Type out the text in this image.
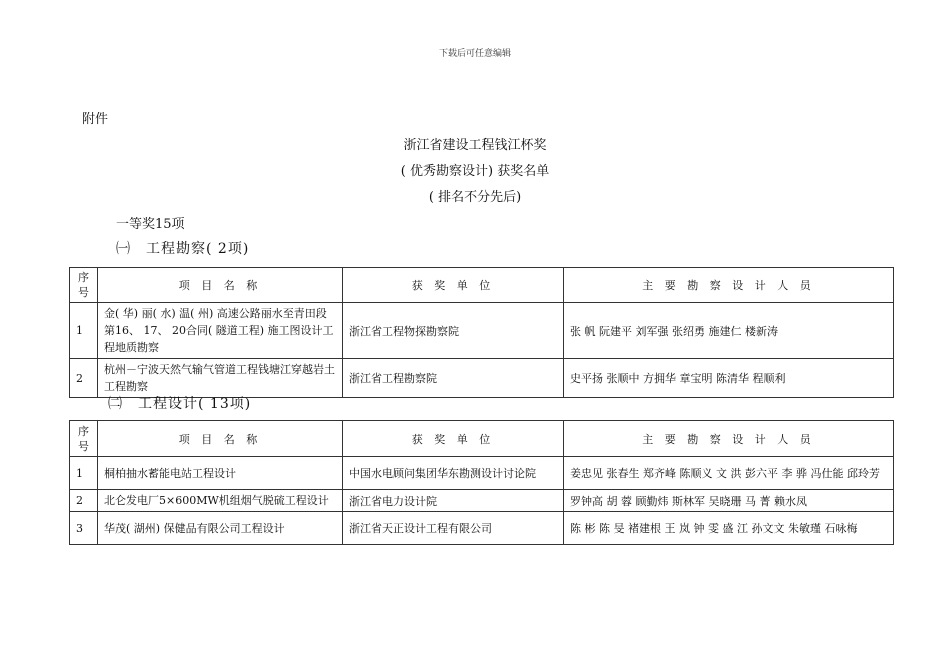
下载后可任意编辑
附件
浙江省建设工程钱江杯奖
( 优秀勘察设计) 获奖名单
( 排名不分先后)
一等奖15项
㈠　工程勘察( 2项)
序号	项 目 名 称	获 奖 单 位	主 要 勘 察 设 计 人 员
1	金( 华) 丽( 水) 温( 州) 高速公路丽水至青田段第16、 17、 20合同( 隧道工程) 施工图设计工程地质勘察	浙江省工程物探勘察院	张 帆 阮建平 刘军强 张绍勇 施建仁 楼新涛
2	杭州－宁波天然气输气管道工程钱塘江穿越岩土工程勘察	浙江省工程勘察院	史平扬 张顺中 方拥华 章宝明 陈清华 程顺利
㈡　工程设计( 13项)
序号	项 目 名 称	获 奖 单 位	主 要 勘 察 设 计 人 员
1	桐柏抽水蓄能电站工程设计	中国水电顾问集团华东勘测设计讨论院	姜忠见 张春生 郑齐峰 陈顺义 文 洪 彭六平 李 骅 冯仕能 邱玲芳
2	北仑发电厂5×600MW机组烟气脱硫工程设计	浙江省电力设计院	罗钟高 胡 蓉 顾勤炜 斯林军 吴晓珊 马 菁 赖水凤
3	华茂( 湖州) 保健品有限公司工程设计	浙江省天正设计工程有限公司	陈 彬 陈 旻 褚建根 王 岚 钟 雯 盛 江 孙文文 朱敏瑾 石咏梅
